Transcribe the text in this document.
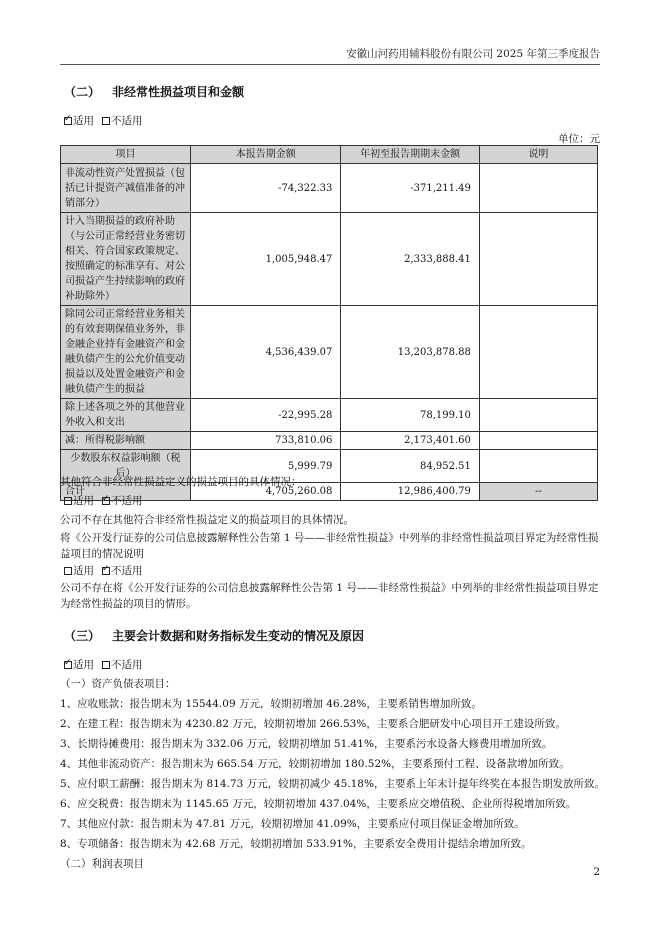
安徽山河药用辅料股份有限公司 2025 年第三季度报告
（二） 非经常性损益项目和金额
✓适用 不适用
单位：元
项目	本报告期金额	年初至报告期期末金额	说明
非流动性资产处置损益（包括已计提资产减值准备的冲销部分）	-74,322.33	-371,211.49	
计入当期损益的政府补助（与公司正常经营业务密切相关、符合国家政策规定、按照确定的标准享有、对公司损益产生持续影响的政府补助除外）	1,005,948.47	2,333,888.41	
除同公司正常经营业务相关的有效套期保值业务外，非金融企业持有金融资产和金融负债产生的公允价值变动损益以及处置金融资产和金融负债产生的损益	4,536,439.07	13,203,878.88	
除上述各项之外的其他营业外收入和支出	-22,995.28	78,199.10	
减：所得税影响额	733,810.06	2,173,401.60	
少数股东权益影响额（税后）	5,999.79	84,952.51	
合计	4,705,260.08	12,986,400.79	--
其他符合非经常性损益定义的损益项目的具体情况：
适用 ✓ 不适用
公司不存在其他符合非经常性损益定义的损益项目的具体情况。
将《公开发行证券的公司信息披露解释性公告第 1 号——非经常性损益》中列举的非经常性损益项目界定为经常性损益项目的情况说明
适用 ✓ 不适用
公司不存在将《公开发行证券的公司信息披露解释性公告第 1 号——非经常性损益》中列举的非经常性损益项目界定为经常性损益的项目的情形。
（三） 主要会计数据和财务指标发生变动的情况及原因
✓适用 不适用
（一）资产负债表项目：
1、应收账款：报告期末为 15544.09 万元，较期初增加 46.28%，主要系销售增加所致。
2、在建工程：报告期末为 4230.82 万元，较期初增加 266.53%，主要系合肥研发中心项目开工建设所致。
3、长期待摊费用：报告期末为 332.06 万元，较期初增加 51.41%，主要系污水设备大修费用增加所致。
4、其他非流动资产：报告期末为 665.54 万元，较期初增加 180.52%，主要系预付工程、设备款增加所致。
5、应付职工薪酬：报告期末为 814.73 万元，较期初减少 45.18%，主要系上年末计提年终奖在本报告期发放所致。
6、应交税费：报告期末为 1145.65 万元，较期初增加 437.04%，主要系应交增值税、企业所得税增加所致。
7、其他应付款：报告期末为 47.81 万元，较期初增加 41.09%，主要系应付项目保证金增加所致。
8、专项储备：报告期末为 42.68 万元，较期初增加 533.91%，主要系安全费用计提结余增加所致。
（二）利润表项目
2
